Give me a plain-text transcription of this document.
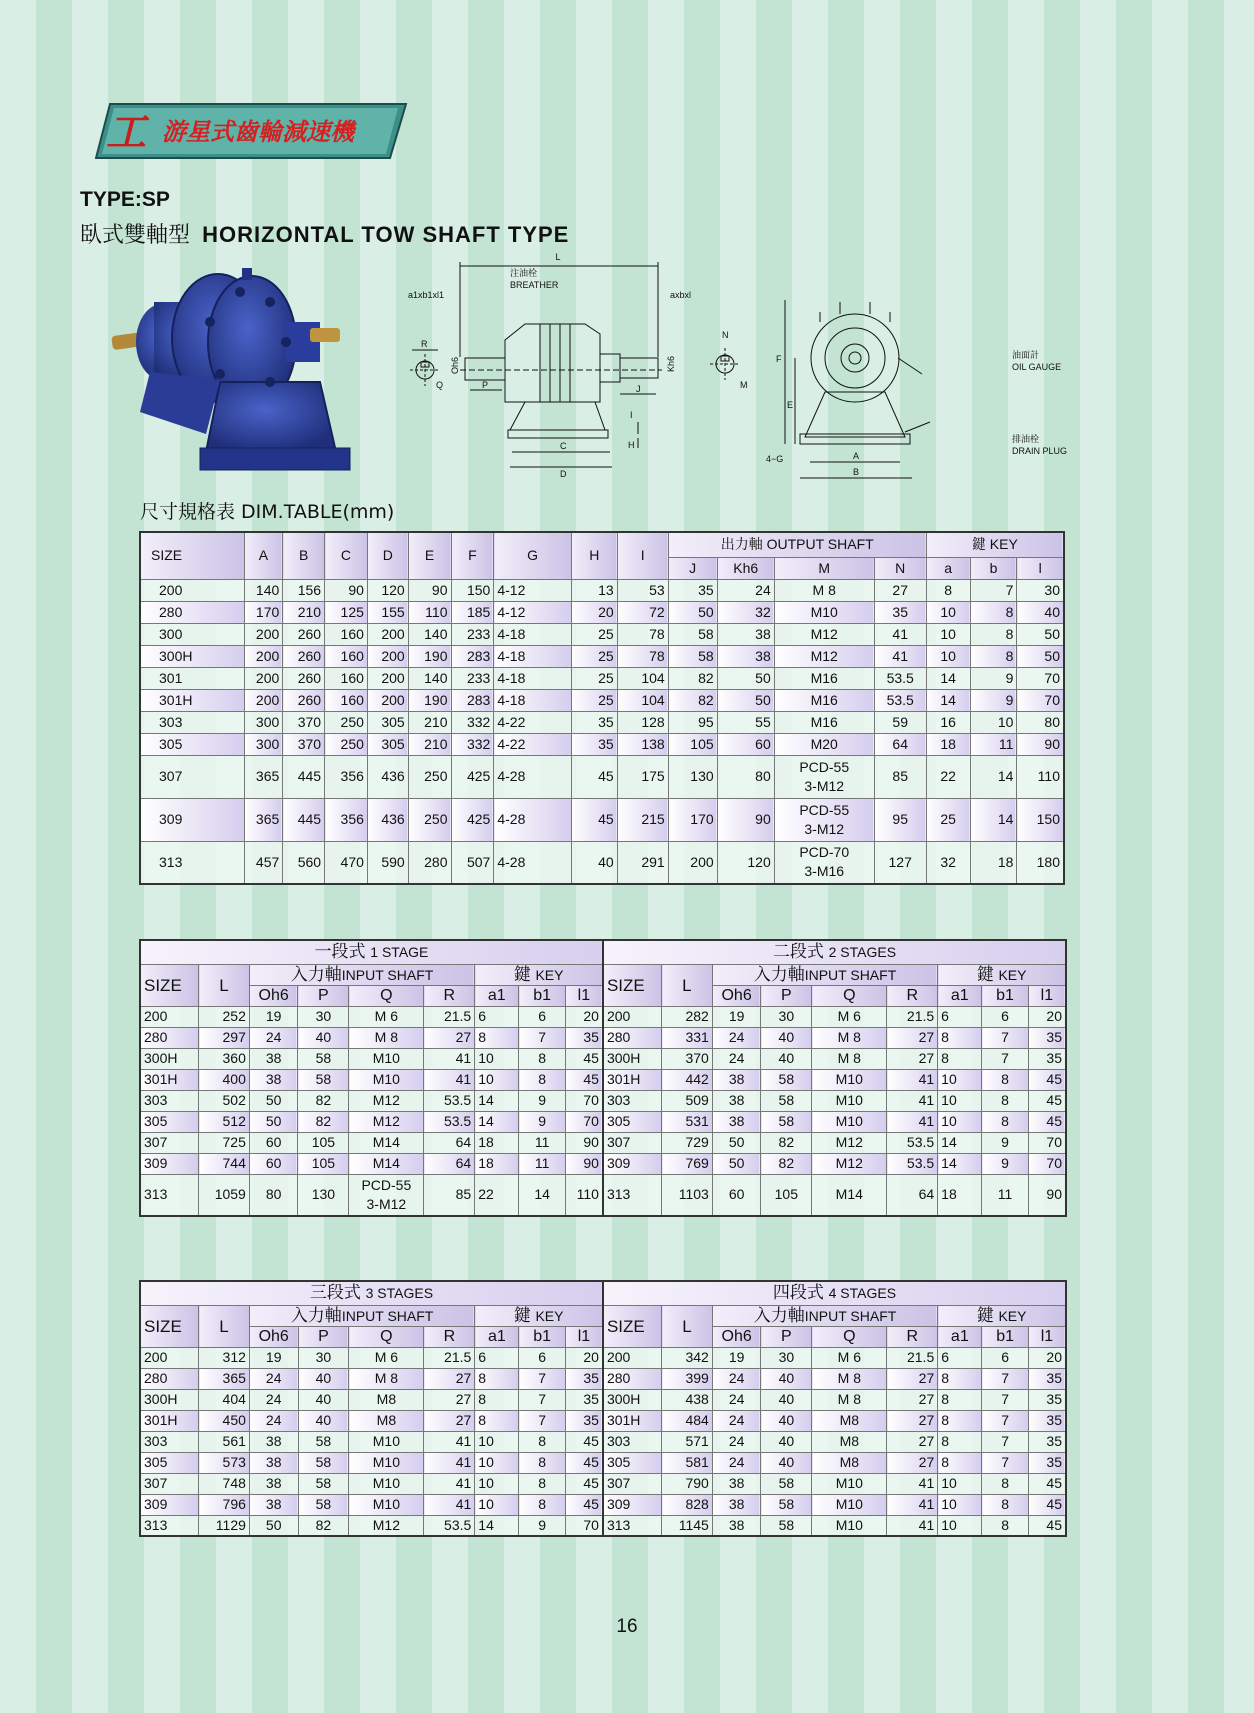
工 游星式齒輪減速機
TYPE:SP
臥式雙軸型 HORIZONTAL TOW SHAFT TYPE
L
注油栓
BREATHER
a1xb1xl1	axbxl
R
Q
Oh6
P
Kh6
J
N
M
I
C
D
H
F
E
4−G	A
B
油面計
OIL GAUGE
排油栓
DRAIN PLUG
尺寸規格表 DIM.TABLE(mm)
SIZE	A	B	C	D	E	F	G	H	I	出力軸 OUTPUT SHAFT				鍵 KEY		
										J	Kh6	M	N	a	b	l
200	140	156	90	120	90	150	4-12	13	53	35	24	M 8	27	8	7	30
280	170	210	125	155	110	185	4-12	20	72	50	32	M10	35	10	8	40
300	200	260	160	200	140	233	4-18	25	78	58	38	M12	41	10	8	50
300H	200	260	160	200	190	283	4-18	25	78	58	38	M12	41	10	8	50
301	200	260	160	200	140	233	4-18	25	104	82	50	M16	53.5	14	9	70
301H	200	260	160	200	190	283	4-18	25	104	82	50	M16	53.5	14	9	70
303	300	370	250	305	210	332	4-22	35	128	95	55	M16	59	16	10	80
305	300	370	250	305	210	332	4-22	35	138	105	60	M20	64	18	11	90
307	365	445	356	436	250	425	4-28	45	175	130	80	PCD-55
3-M12	85	22	14	110
309	365	445	356	436	250	425	4-28	45	215	170	90	PCD-55
3-M12	95	25	14	150
313	457	560	470	590	280	507	4-28	40	291	200	120	PCD-70
3-M16	127	32	18	180
一段式 1 STAGE									二段式 2 STAGES								
SIZE	L	入力軸INPUT SHAFT				鍵 KEY			SIZE	L	入力軸INPUT SHAFT				鍵 KEY		
		Oh6	P	Q	R	a1	b1	l1			Oh6	P	Q	R	a1	b1	l1
200	252	19	30	M 6	21.5	6	6	20	200	282	19	30	M 6	21.5	6	6	20
280	297	24	40	M 8	27	8	7	35	280	331	24	40	M 8	27	8	7	35
300H	360	38	58	M10	41	10	8	45	300H	370	24	40	M 8	27	8	7	35
301H	400	38	58	M10	41	10	8	45	301H	442	38	58	M10	41	10	8	45
303	502	50	82	M12	53.5	14	9	70	303	509	38	58	M10	41	10	8	45
305	512	50	82	M12	53.5	14	9	70	305	531	38	58	M10	41	10	8	45
307	725	60	105	M14	64	18	11	90	307	729	50	82	M12	53.5	14	9	70
309	744	60	105	M14	64	18	11	90	309	769	50	82	M12	53.5	14	9	70
313	1059	80	130	PCD-55
3-M12	85	22	14	110	313	1103	60	105	M14	64	18	11	90
三段式 3 STAGES									四段式 4 STAGES								
SIZE	L	入力軸INPUT SHAFT				鍵 KEY			SIZE	L	入力軸INPUT SHAFT				鍵 KEY		
		Oh6	P	Q	R	a1	b1	l1			Oh6	P	Q	R	a1	b1	l1
200	312	19	30	M 6	21.5	6	6	20	200	342	19	30	M 6	21.5	6	6	20
280	365	24	40	M 8	27	8	7	35	280	399	24	40	M 8	27	8	7	35
300H	404	24	40	M8	27	8	7	35	300H	438	24	40	M 8	27	8	7	35
301H	450	24	40	M8	27	8	7	35	301H	484	24	40	M8	27	8	7	35
303	561	38	58	M10	41	10	8	45	303	571	24	40	M8	27	8	7	35
305	573	38	58	M10	41	10	8	45	305	581	24	40	M8	27	8	7	35
307	748	38	58	M10	41	10	8	45	307	790	38	58	M10	41	10	8	45
309	796	38	58	M10	41	10	8	45	309	828	38	58	M10	41	10	8	45
313	1129	50	82	M12	53.5	14	9	70	313	1145	38	58	M10	41	10	8	45
16
